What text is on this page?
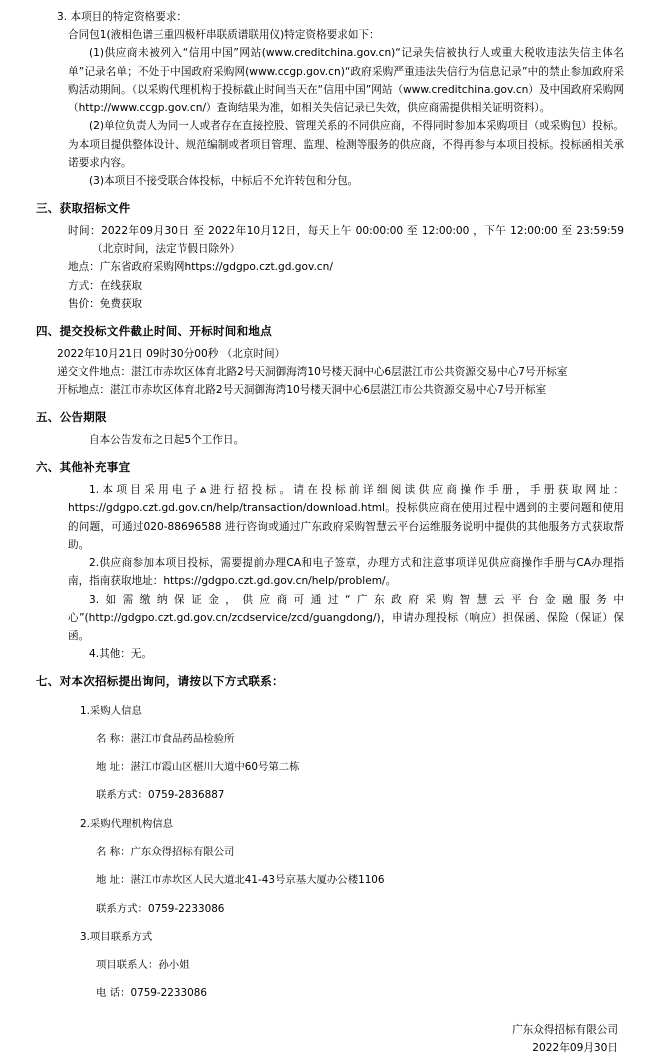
3. 本项目的特定资格要求：

合同包1(液相色谱三重四极杆串联质谱联用仪)特定资格要求如下：

(1)供应商未被列入“信用中国”网站(www.creditchina.gov.cn)“记录失信被执行人或重大税收违法失信主体名单”记录名单；不处于中国政府采购网(www.ccgp.gov.cn)“政府采购严重违法失信行为信息记录”中的禁止参加政府采购活动期间。（以采购代理机构于投标截止时间当天在“信用中国”网站（www.creditchina.gov.cn）及中国政府采购网（http://www.ccgp.gov.cn/）查询结果为准，如相关失信记录已失效，供应商需提供相关证明资料）。

(2)单位负责人为同一人或者存在直接控股、管理关系的不同供应商，不得同时参加本采购项目（或采购包）投标。为本项目提供整体设计、规范编制或者项目管理、监理、检测等服务的供应商，不得再参与本项目投标。投标函相关承诺要求内容。

(3)本项目不接受联合体投标，中标后不允许转包和分包。

三、获取招标文件

时间：2022年09月30日 至 2022年10月12日，每天上午 00:00:00 至 12:00:00 ，下午 12:00:00 至 23:59:59 （北京时间，法定节假日除外）

地点：广东省政府采购网https://gdgpo.czt.gd.gov.cn/

方式：在线获取

售价：免费获取

四、提交投标文件截止时间、开标时间和地点

2022年10月21日 09时30分00秒 （北京时间）

递交文件地点：湛江市赤坎区体育北路2号天洞御海湾10号楼天洞中心6层湛江市公共资源交易中心7号开标室

开标地点：湛江市赤坎区体育北路2号天洞御海湾10号楼天洞中心6层湛江市公共资源交易中心7号开标室

五、公告期限

自本公告发布之日起5个工作日。

六、其他补充事宜

1.本项目采用电子ል进行招投标。请在投标前详细阅读供应商操作手册，手册获取网址：https://gdgpo.czt.gd.gov.cn/help/transaction/download.html。投标供应商在使用过程中遇到的主要问题和使用的问题，可通过020-88696588 进行咨询或通过广东政府采购智慧云平台运维服务说明中提供的其他服务方式获取帮助。

2.供应商参加本项目投标，需要提前办理CA和电子签章，办理方式和注意事项详见供应商操作手册与CA办理指南，指南获取地址：https://gdgpo.czt.gd.gov.cn/help/problem/。

3.如需缴纳保证金，供应商可通过“广东政府采购智慧云平台金融服务中心”(http://gdgpo.czt.gd.gov.cn/zcdservice/zcd/guangdong/)，申请办理投标（响应）担保函、保险（保证）保函。

4.其他：无。

七、对本次招标提出询问，请按以下方式联系：

1.采购人信息

名 称：湛江市食品药品检验所

地 址：湛江市霞山区椹川大道中60号第二栋

联系方式：0759-2836887

2.采购代理机构信息

名 称：广东众得招标有限公司

地 址：湛江市赤坎区人民大道北41-43号京基大厦办公楼1106

联系方式：0759-2233086

3.项目联系方式

项目联系人：孙小姐

电 话：0759-2233086

广东众得招标有限公司

2022年09月30日
